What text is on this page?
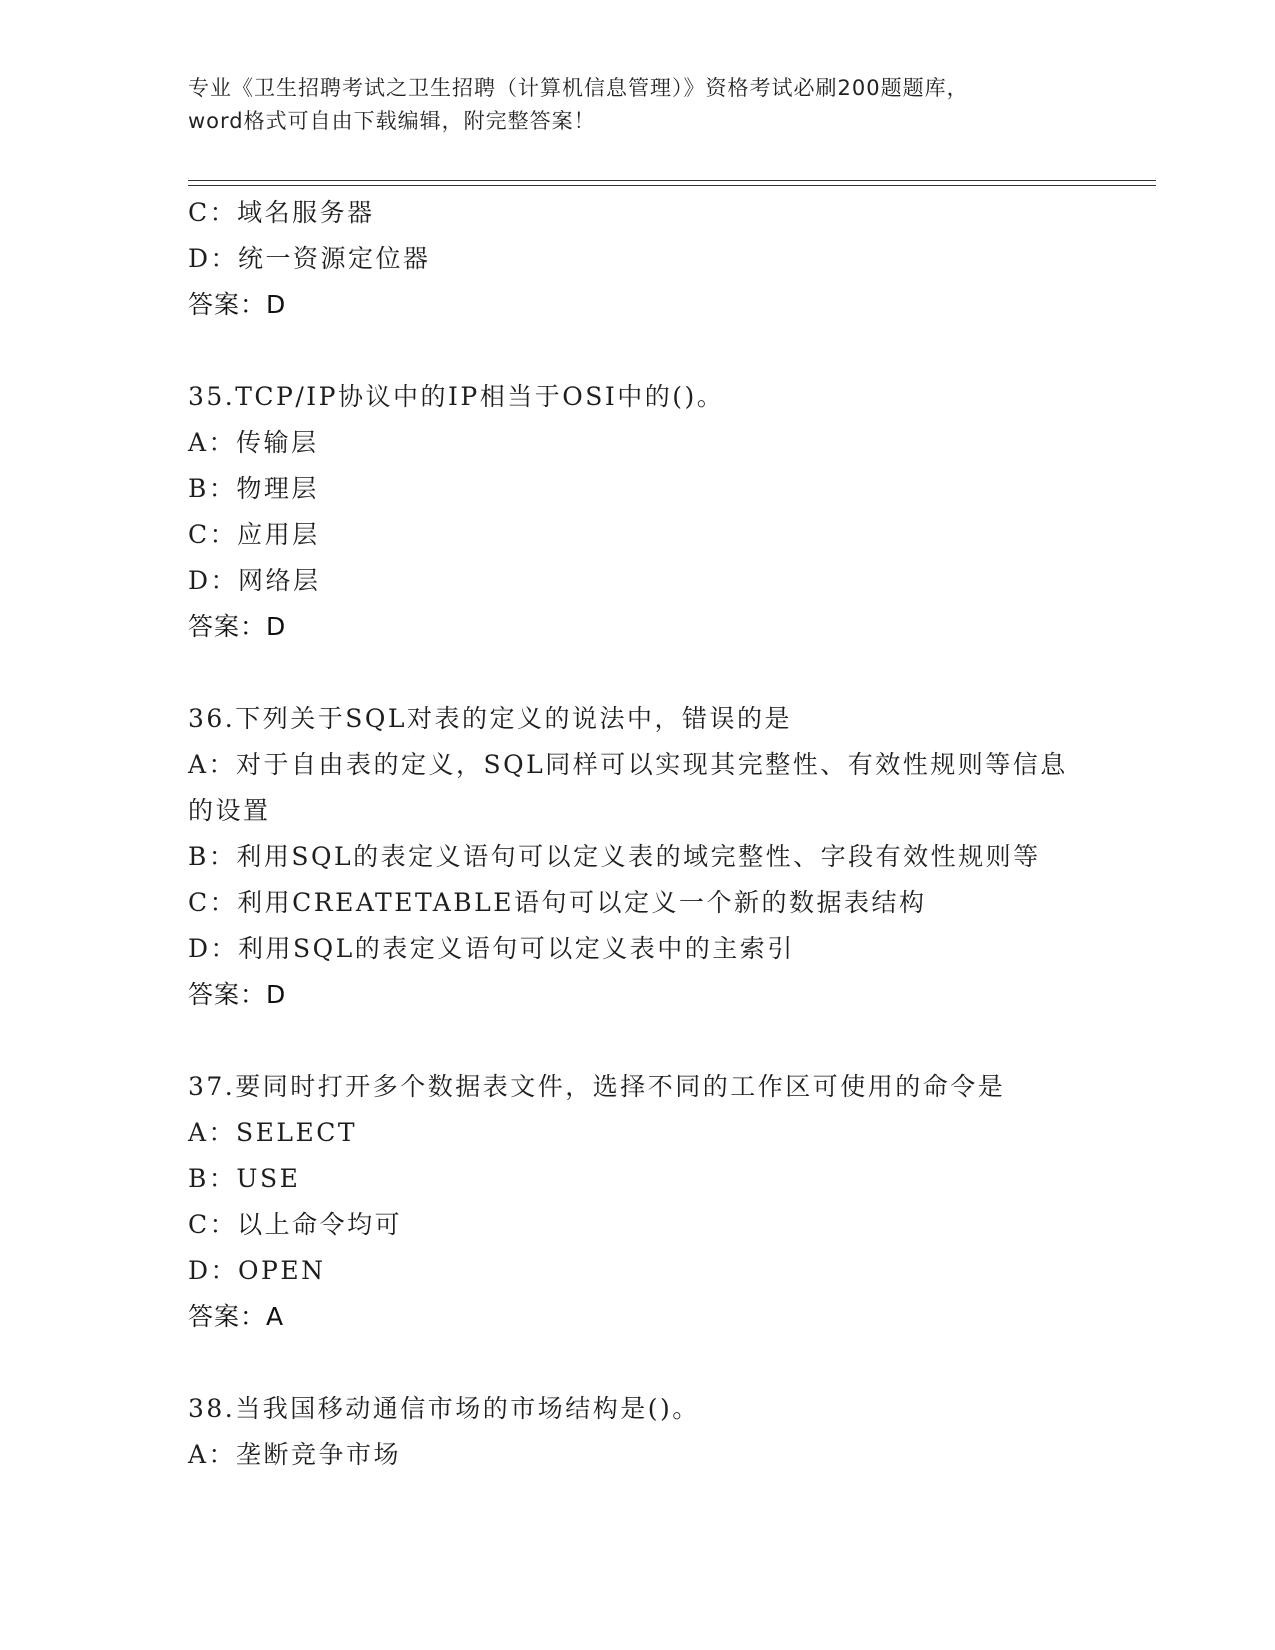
专业《卫生招聘考试之卫生招聘（计算机信息管理）》资格考试必刷200题题库，
word格式可自由下载编辑，附完整答案！
C：域名服务器
D：统一资源定位器
答案：D
35.TCP/IP协议中的IP相当于OSI中的()。
A：传输层
B：物理层
C：应用层
D：网络层
答案：D
36.下列关于SQL对表的定义的说法中，错误的是
A：对于自由表的定义，SQL同样可以实现其完整性、有效性规则等信息的设置
B：利用SQL的表定义语句可以定义表的域完整性、字段有效性规则等
C：利用CREATETABLE语句可以定义一个新的数据表结构
D：利用SQL的表定义语句可以定义表中的主索引
答案：D
37.要同时打开多个数据表文件，选择不同的工作区可使用的命令是
A：SELECT
B：USE
C：以上命令均可
D：OPEN
答案：A
38.当我国移动通信市场的市场结构是()。
A：垄断竞争市场
